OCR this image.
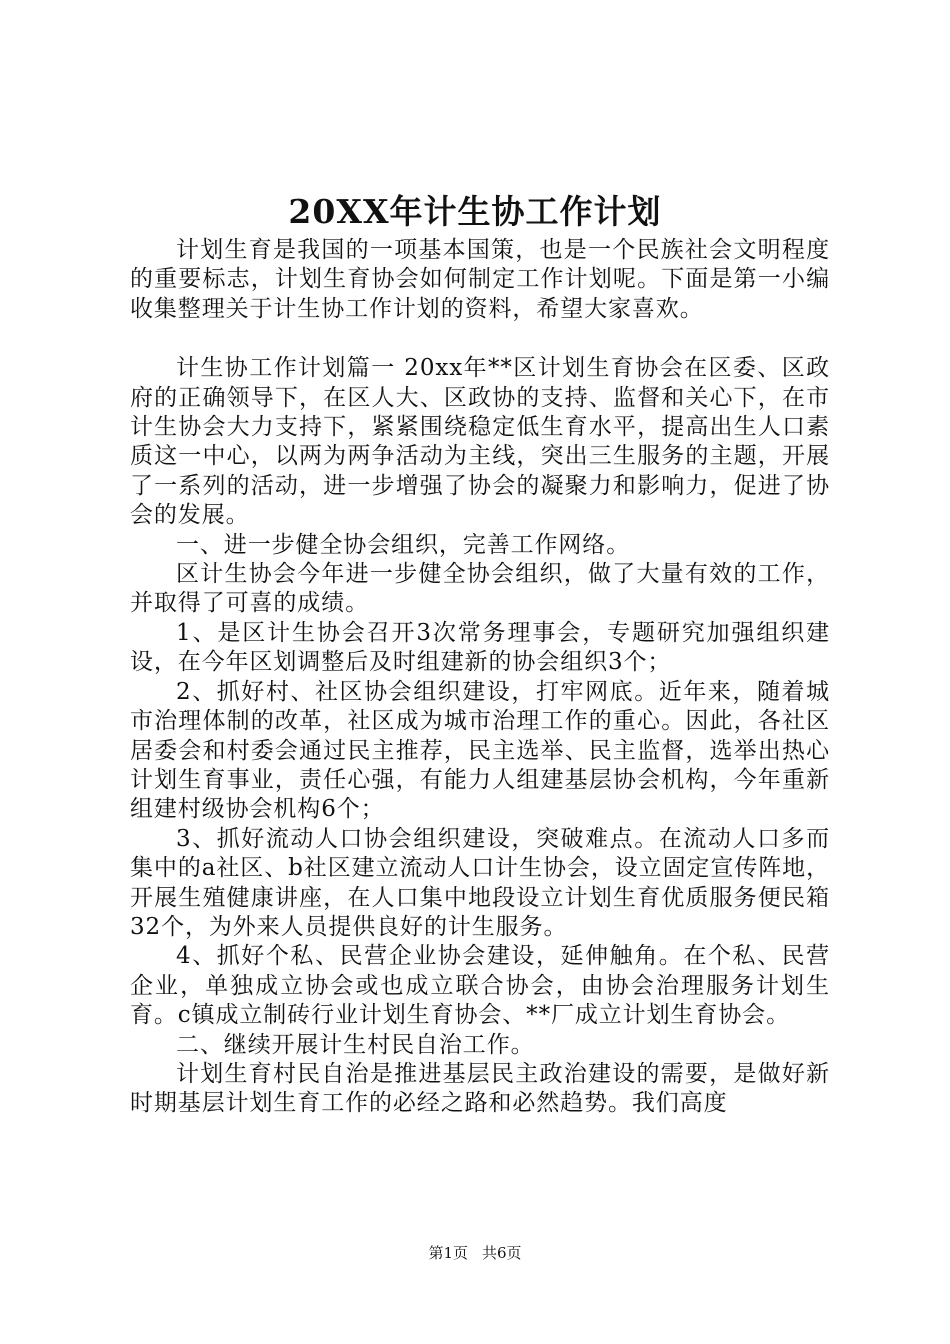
20XX年计生协工作计划

计划生育是我国的一项基本国策，也是一个民族社会文明程度的重要标志，计划生育协会如何制定工作计划呢。下面是第一小编收集整理关于计生协工作计划的资料，希望大家喜欢。

计生协工作计划篇一 20xx年**区计划生育协会在区委、区政府的正确领导下，在区人大、区政协的支持、监督和关心下，在市计生协会大力支持下，紧紧围绕稳定低生育水平，提高出生人口素质这一中心，以两为两争活动为主线，突出三生服务的主题，开展了一系列的活动，进一步增强了协会的凝聚力和影响力，促进了协会的发展。

一、进一步健全协会组织，完善工作网络。

区计生协会今年进一步健全协会组织，做了大量有效的工作，并取得了可喜的成绩。

1、是区计生协会召开3次常务理事会，专题研究加强组织建设，在今年区划调整后及时组建新的协会组织3个；

2、抓好村、社区协会组织建设，打牢网底。近年来，随着城市治理体制的改革，社区成为城市治理工作的重心。因此，各社区居委会和村委会通过民主推荐，民主选举、民主监督，选举出热心计划生育事业，责任心强，有能力人组建基层协会机构，今年重新组建村级协会机构6个；

3、抓好流动人口协会组织建设，突破难点。在流动人口多而集中的a社区、b社区建立流动人口计生协会，设立固定宣传阵地，开展生殖健康讲座，在人口集中地段设立计划生育优质服务便民箱32个，为外来人员提供良好的计生服务。

4、抓好个私、民营企业协会建设，延伸触角。在个私、民营企业，单独成立协会或也成立联合协会，由协会治理服务计划生育。c镇成立制砖行业计划生育协会、**厂成立计划生育协会。

二、继续开展计生村民自治工作。

计划生育村民自治是推进基层民主政治建设的需要，是做好新时期基层计划生育工作的必经之路和必然趋势。我们高度

第1页 共6页
